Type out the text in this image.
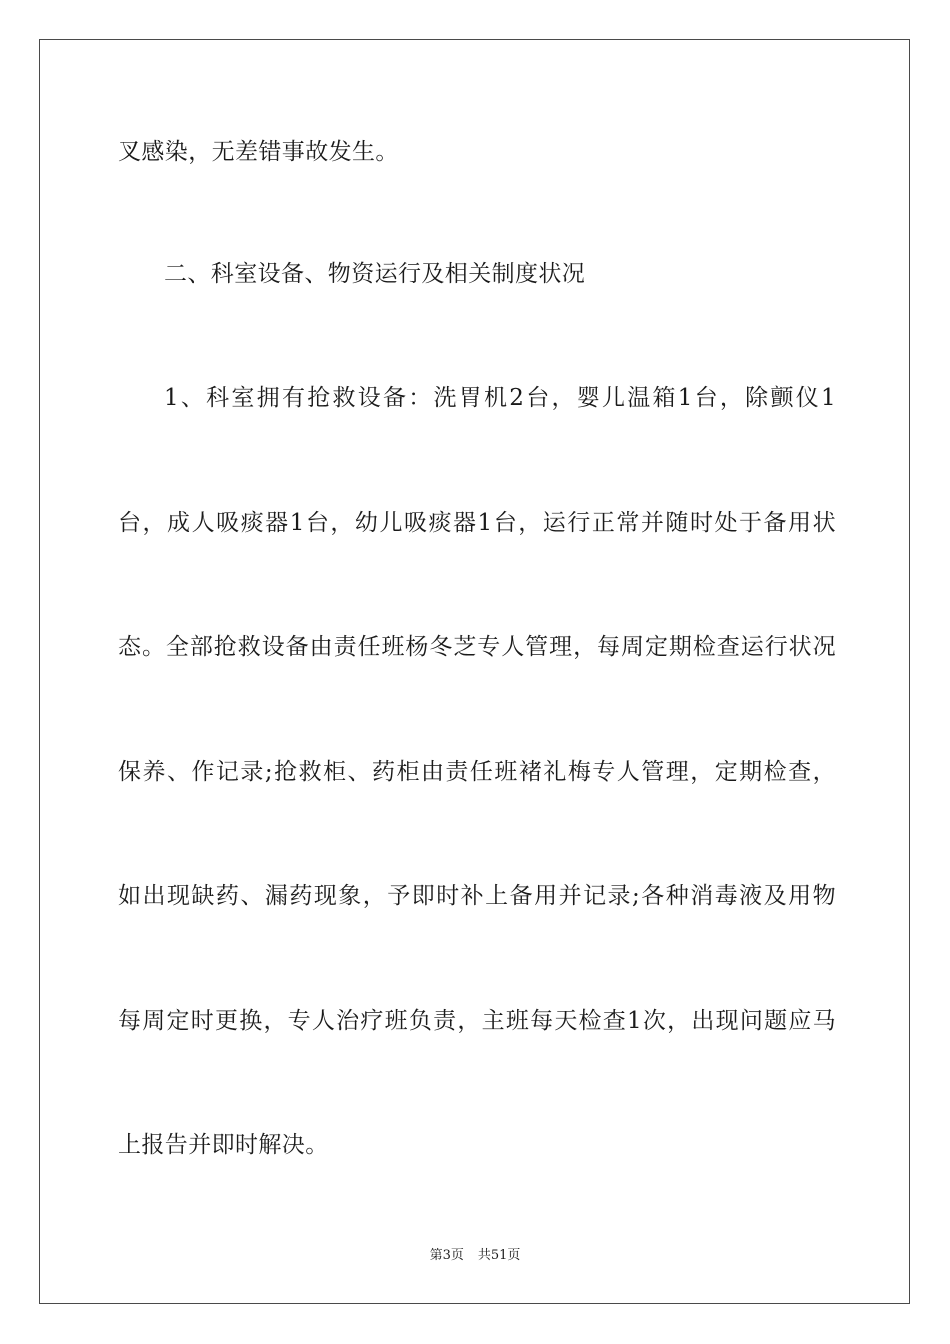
叉感染，无差错事故发生。
二、科室设备、物资运行及相关制度状况
1、科室拥有抢救设备：洗胃机2台，婴儿温箱1台，除颤仪1
台，成人吸痰器1台，幼儿吸痰器1台，运行正常并随时处于备用状
态。全部抢救设备由责任班杨冬芝专人管理，每周定期检查运行状况
保养、作记录;抢救柜、药柜由责任班褚礼梅专人管理，定期检查，
如出现缺药、漏药现象，予即时补上备用并记录;各种消毒液及用物
每周定时更换，专人治疗班负责，主班每天检查1次，出现问题应马
上报告并即时解决。
第3页 共51页
